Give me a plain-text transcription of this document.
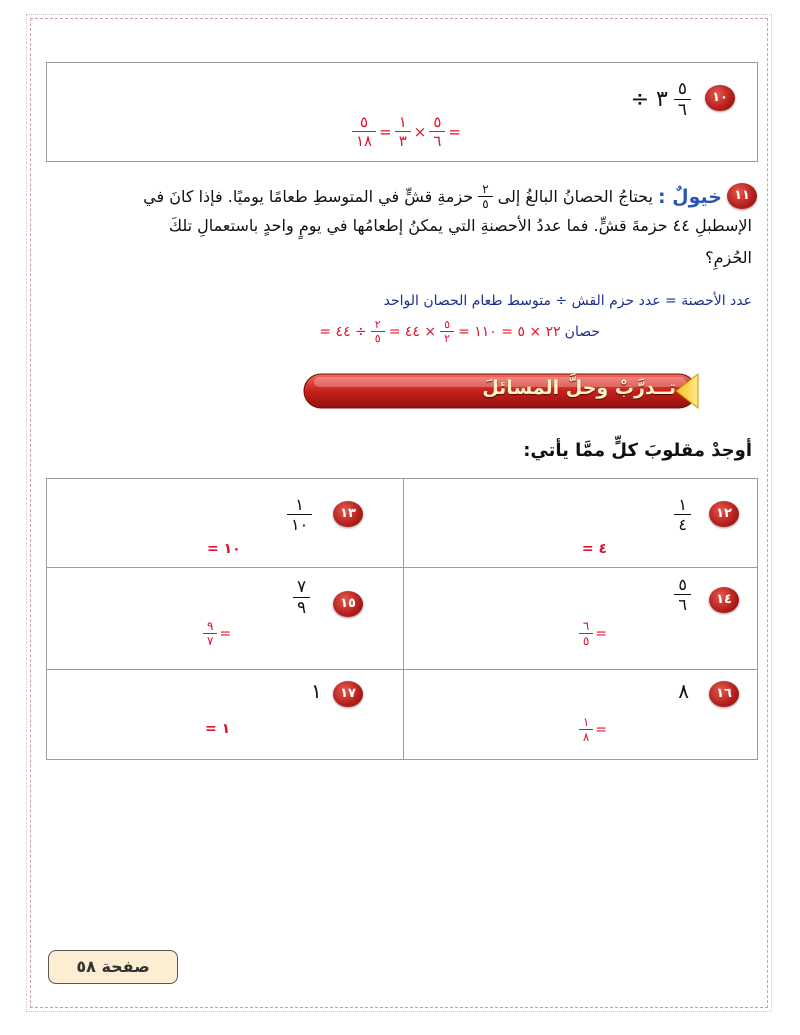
١٠
$\frac{٥}{٦}$
٣ ÷
$\frac{٥}{١٨} = \frac{١}{٣} \times \frac{٥}{٦}$ =
١١
خيولٌ :
يحتاجُ الحصانُ البالغُ إلى
$\frac{٢}{٥}$
حزمةِ قشٍّ في المتوسطِ طعامًا يوميًا. فإذا كانَ في
الإسطبلِ ٤٤ حزمةَ قشٍّ. فما عددُ الأحصنةِ التي يمكنُ إطعامُها في يومٍ واحدٍ باستعمالِ تلكَ
الحُزمِ؟
عدد الأحصنة = عدد حزم القش ÷ متوسط طعام الحصان الواحد
حصان
= ٢٢ × ٥ = ١١٠
$\frac{٥}{٢}$
= ٤٤ ×
$\frac{٢}{٥}$
= ٤٤ ÷
تــدرَّبْ وحلَّ المسائلَ
أوجدْ مقلوبَ كلٍّ ممَّا يأتي:
١٢
١
٤
= ٤
١٣
١
١٠
= ١٠
١٤
٥
٦
$\frac{٦}{٥}$ =
١٥
٧
٩
$\frac{٩}{٧}$ =
١٦
٨
$\frac{١}{٨}$ =
١٧
١
= ١
صفحة ٥٨
